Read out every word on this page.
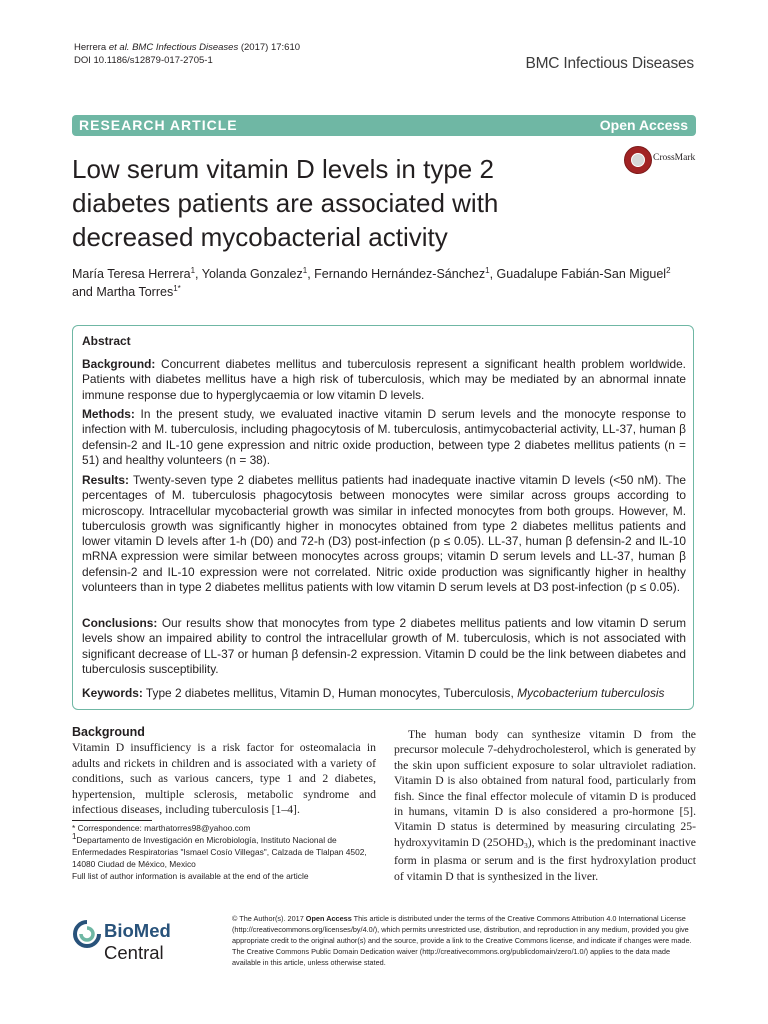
Herrera et al. BMC Infectious Diseases (2017) 17:610
DOI 10.1186/s12879-017-2705-1	BMC Infectious Diseases
RESEARCH ARTICLE	Open Access
Low serum vitamin D levels in type 2
diabetes patients are associated with
decreased mycobacterial activity
CrossMark
María Teresa Herrera$^1$, Yolanda Gonzalez$^1$, Fernando Hernández-Sánchez$^1$, Guadalupe Fabián-San Miguel$^2$
and Martha Torres$^{1*}$
Abstract
Background: Concurrent diabetes mellitus and tuberculosis represent a significant health problem worldwide. Patients with diabetes mellitus have a high risk of tuberculosis, which may be mediated by an abnormal innate immune response due to hyperglycaemia or low vitamin D levels.
Methods: In the present study, we evaluated inactive vitamin D serum levels and the monocyte response to infection with M. tuberculosis, including phagocytosis of M. tuberculosis, antimycobacterial activity, LL-37, human β defensin-2 and IL-10 gene expression and nitric oxide production, between type 2 diabetes mellitus patients (n = 51) and healthy volunteers (n = 38).
Results: Twenty-seven type 2 diabetes mellitus patients had inadequate inactive vitamin D levels (<50 nM). The percentages of M. tuberculosis phagocytosis between monocytes were similar across groups according to microscopy. Intracellular mycobacterial growth was similar in infected monocytes from both groups. However, M. tuberculosis growth was significantly higher in monocytes obtained from type 2 diabetes mellitus patients and lower vitamin D levels after 1-h (D0) and 72-h (D3) post-infection (p ≤ 0.05). LL-37, human β defensin-2 and IL-10 mRNA expression were similar between monocytes across groups; vitamin D serum levels and LL-37, human β defensin-2 and IL-10 expression were not correlated. Nitric oxide production was significantly higher in healthy volunteers than in type 2 diabetes mellitus patients with low vitamin D serum levels at D3 post-infection (p ≤ 0.05).
Conclusions: Our results show that monocytes from type 2 diabetes mellitus patients and low vitamin D serum levels show an impaired ability to control the intracellular growth of M. tuberculosis, which is not associated with significant decrease of LL-37 or human β defensin-2 expression. Vitamin D could be the link between diabetes and tuberculosis susceptibility.
Keywords: Type 2 diabetes mellitus, Vitamin D, Human monocytes, Tuberculosis, Mycobacterium tuberculosis
Background
Vitamin D insufficiency is a risk factor for osteomalacia in adults and rickets in children and is associated with a variety of conditions, such as various cancers, type 1 and 2 diabetes, hypertension, multiple sclerosis, metabolic syndrome and infectious diseases, including tuberculosis [1–4].
The human body can synthesize vitamin D from the precursor molecule 7-dehydrocholesterol, which is generated by the skin upon sufficient exposure to solar ultraviolet radiation. Vitamin D is also obtained from natural food, particularly from fish. Since the final effector molecule of vitamin D is produced in humans, vitamin D is also considered a pro-hormone [5]. Vitamin D status is determined by measuring circulating 25-hydroxyvitamin D $(25OHD_3)$, which is the predominant inactive form in plasma or serum and is the first hydroxylation product of vitamin D that is synthesized in the liver.
* Correspondence: marthatorres98@yahoo.com
$^1$Departamento de Investigación en Microbiología, Instituto Nacional de Enfermedades Respiratorias "Ismael Cosío Villegas", Calzada de Tlalpan 4502, 14080 Ciudad de México, Mexico
Full list of author information is available at the end of the article
BioMed Central
© The Author(s). 2017 Open Access This article is distributed under the terms of the Creative Commons Attribution 4.0 International License (http://creativecommons.org/licenses/by/4.0/), which permits unrestricted use, distribution, and reproduction in any medium, provided you give appropriate credit to the original author(s) and the source, provide a link to the Creative Commons license, and indicate if changes were made. The Creative Commons Public Domain Dedication waiver (http://creativecommons.org/publicdomain/zero/1.0/) applies to the data made available in this article, unless otherwise stated.
